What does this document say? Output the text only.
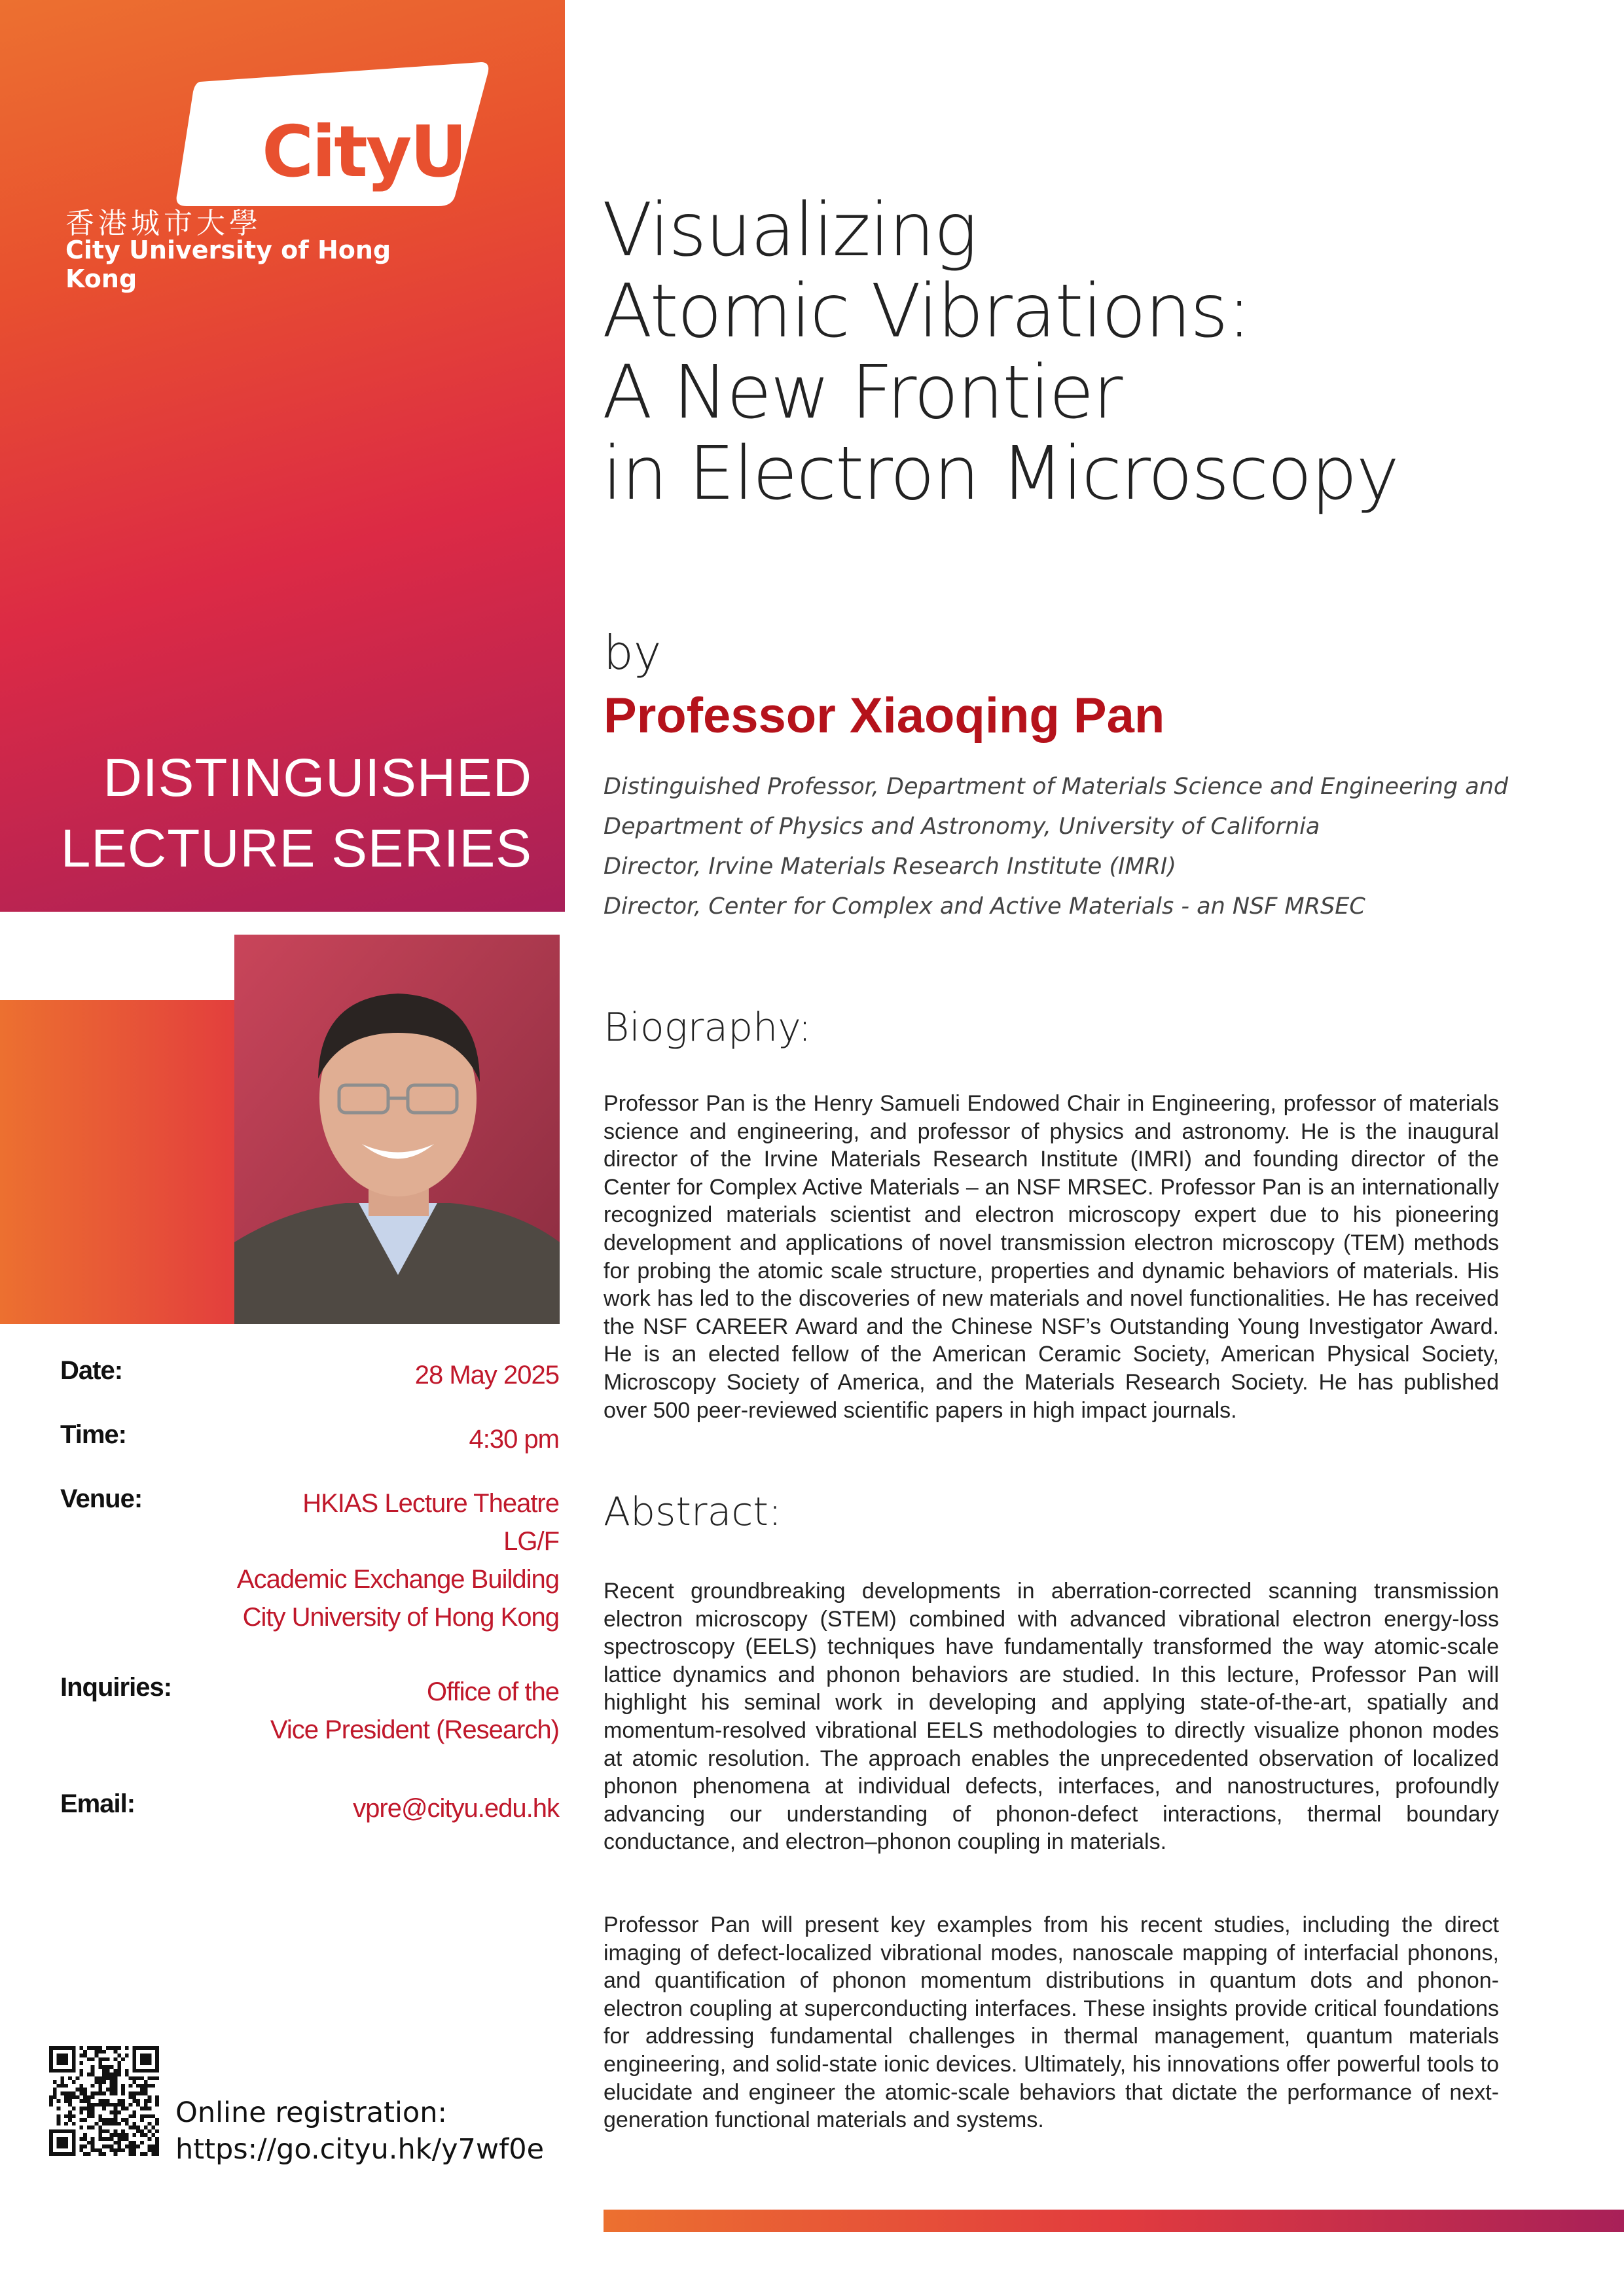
CityU
香港城市大學
City University of Hong Kong
DISTINGUISHED
LECTURE SERIES
Date:	28 May 2025
Time:	4:30 pm
Venue:	HKIAS Lecture Theatre
LG/F
Academic Exchange Building
City University of Hong Kong
Inquiries:	Office of the
Vice President (Research)
Email:	vpre@cityu.edu.hk
Online registration:
https://go.cityu.hk/y7wf0e
Visualizing
Atomic Vibrations:
A New Frontier
in Electron Microscopy
by
Professor Xiaoqing Pan
Distinguished Professor, Department of Materials Science and Engineering and
Department of Physics and Astronomy, University of California
Director, Irvine Materials Research Institute (IMRI)
Director, Center for Complex and Active Materials - an NSF MRSEC
Biography:
Professor Pan is the Henry Samueli Endowed Chair in Engineering, professor of materials science and engineering, and professor of physics and astronomy. He is the inaugural director of the Irvine Materials Research Institute (IMRI) and founding director of the Center for Complex Active Materials – an NSF MRSEC. Professor Pan is an internationally recognized materials scientist and electron microscopy expert due to his pioneering development and applications of novel transmission electron microscopy (TEM) methods for probing the atomic scale structure, properties and dynamic behaviors of materials. His work has led to the discoveries of new materials and novel functionalities. He has received the NSF CAREER Award and the Chinese NSF’s Outstanding Young Investigator Award. He is an elected fellow of the American Ceramic Society, American Physical Society, Microscopy Society of America, and the Materials Research Society. He has published over 500 peer-reviewed scientific papers in high impact journals.
Abstract:
Recent groundbreaking developments in aberration-corrected scanning transmission electron microscopy (STEM) combined with advanced vibrational electron energy-loss spectroscopy (EELS) techniques have fundamentally transformed the way atomic-scale lattice dynamics and phonon behaviors are studied. In this lecture, Professor Pan will highlight his seminal work in developing and applying state-of-the-art, spatially and momentum-resolved vibrational EELS methodologies to directly visualize phonon modes at atomic resolution. The approach enables the unprecedented observation of localized phonon phenomena at individual defects, interfaces, and nanostructures, profoundly advancing our understanding of phonon-defect interactions, thermal boundary conductance, and electron–phonon coupling in materials.
Professor Pan will present key examples from his recent studies, including the direct imaging of defect-localized vibrational modes, nanoscale mapping of interfacial phonons, and quantification of phonon momentum distributions in quantum dots and phonon-electron coupling at superconducting interfaces. These insights provide critical foundations for addressing fundamental challenges in thermal management, quantum materials engineering, and solid-state ionic devices. Ultimately, his innovations offer powerful tools to elucidate and engineer the atomic-scale behaviors that dictate the performance of next-generation functional materials and systems.
